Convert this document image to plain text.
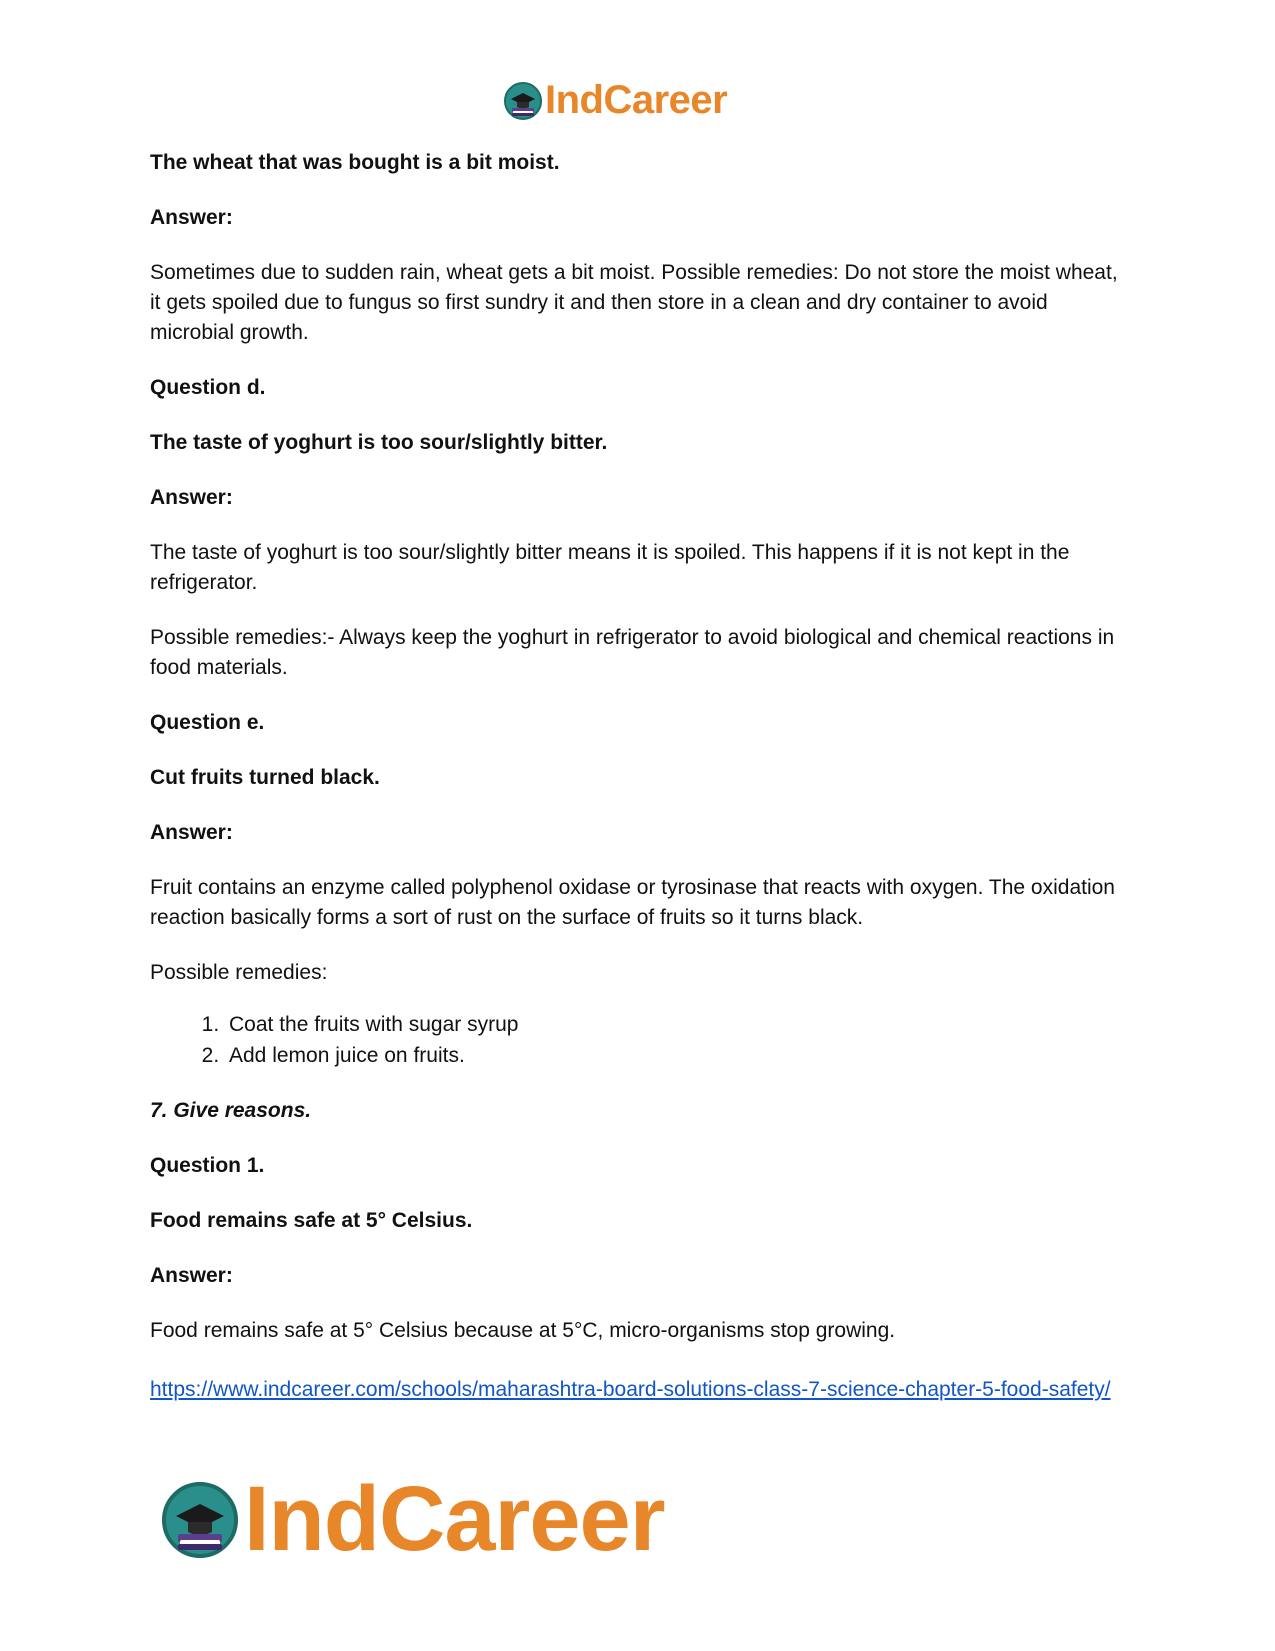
IndCareer
The wheat that was bought is a bit moist.
Answer:
Sometimes due to sudden rain, wheat gets a bit moist. Possible remedies: Do not store the moist wheat, it gets spoiled due to fungus so first sundry it and then store in a clean and dry container to avoid microbial growth.
Question d.
The taste of yoghurt is too sour/slightly bitter.
Answer:
The taste of yoghurt is too sour/slightly bitter means it is spoiled. This happens if it is not kept in the refrigerator.
Possible remedies:- Always keep the yoghurt in refrigerator to avoid biological and chemical reactions in food materials.
Question e.
Cut fruits turned black.
Answer:
Fruit contains an enzyme called polyphenol oxidase or tyrosinase that reacts with oxygen. The oxidation reaction basically forms a sort of rust on the surface of fruits so it turns black.
Possible remedies:
1. Coat the fruits with sugar syrup
2. Add lemon juice on fruits.
7. Give reasons.
Question 1.
Food remains safe at 5° Celsius.
Answer:
Food remains safe at 5° Celsius because at 5°C, micro-organisms stop growing.
https://www.indcareer.com/schools/maharashtra-board-solutions-class-7-science-chapter-5-food-safety/
IndCareer
